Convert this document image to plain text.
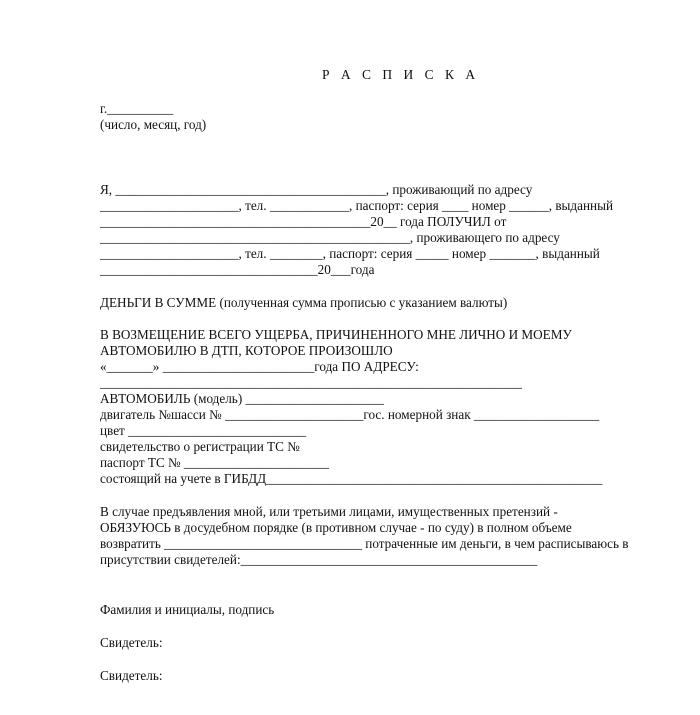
Р А С П И С К А
г.__________
(число, месяц, год)
Я, _________________________________________, проживающий по адресу
_____________________, тел. ____________, паспорт: серия ____ номер ______, выданный
_________________________________________20__ года ПОЛУЧИЛ от
_______________________________________________, проживающего по адресу
_____________________, тел. ________, паспорт: серия _____ номер _______, выданный
_________________________________20___года
ДЕНЬГИ В СУММЕ (полученная сумма прописью с указанием валюты)
В ВОЗМЕЩЕНИЕ ВСЕГО УЩЕРБА, ПРИЧИНЕННОГО МНЕ ЛИЧНО И МОЕМУ
АВТОМОБИЛЮ В ДТП, КОТОРОЕ ПРОИЗОШЛО
«_______» _______________________года ПО АДРЕСУ:
________________________________________________________________
АВТОМОБИЛЬ (модель) _____________________
двигатель №шасси № _____________________гос. номерной знак ___________________
цвет ___________________________
свидетельство о регистрации ТС №
паспорт ТС № ______________________
состоящий на учете в ГИБДД___________________________________________________
В случае предъявления мной, или третьими лицами, имущественных претензий -
ОБЯЗУЮСЬ в досудебном порядке (в противном случае - по суду) в полном объеме
возвратить ______________________________ потраченные им деньги, в чем расписываюсь в
присутствии свидетелей:_____________________________________________
Фамилия и инициалы, подпись
Свидетель:
Свидетель:
